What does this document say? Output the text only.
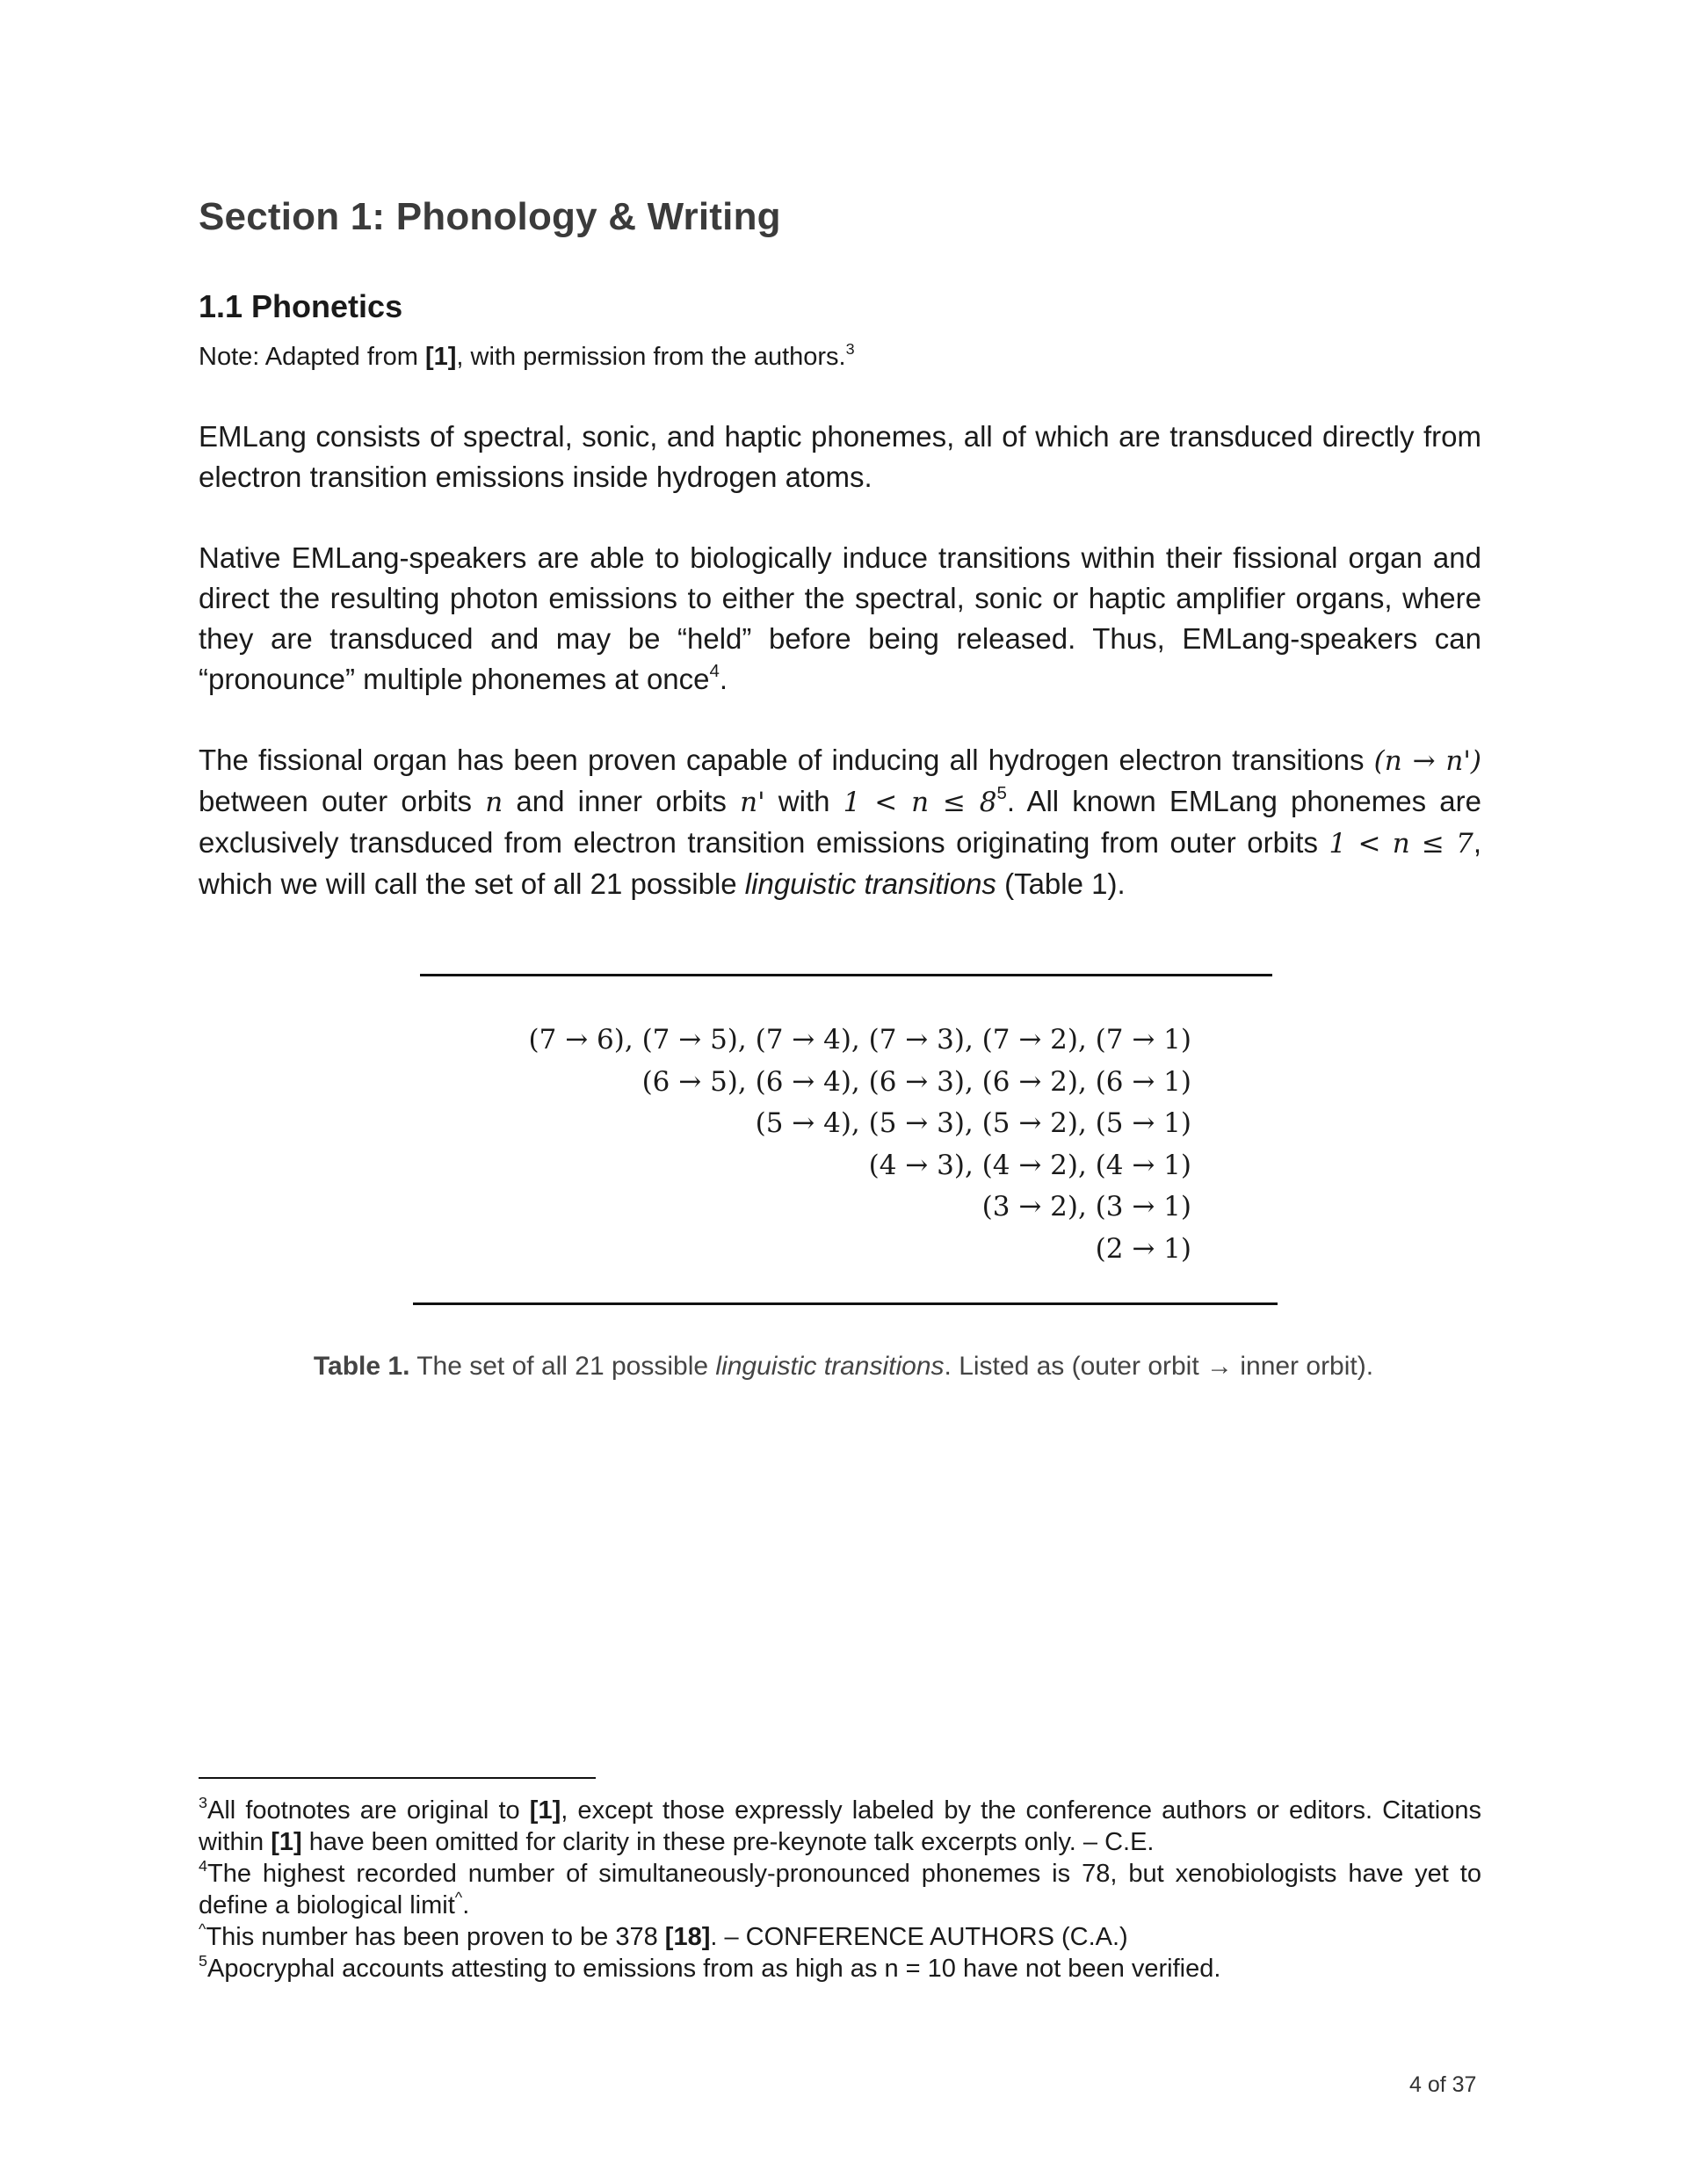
Section 1: Phonology & Writing
1.1 Phonetics
Note: Adapted from [1], with permission from the authors.$^3$
EMLang consists of spectral, sonic, and haptic phonemes, all of which are transduced directly from electron transition emissions inside hydrogen atoms.
Native EMLang-speakers are able to biologically induce transitions within their fissional organ and direct the resulting photon emissions to either the spectral, sonic or haptic amplifier organs, where they are transduced and may be “held” before being released. Thus, EMLang-speakers can “pronounce” multiple phonemes at once$^4$.
The fissional organ has been proven capable of inducing all hydrogen electron transitions (n → n') between outer orbits n and inner orbits n' with $1 < n \le 8^5$. All known EMLang phonemes are exclusively transduced from electron transition emissions originating from outer orbits 1 < n ≤ 7, which we will call the set of all 21 possible linguistic transitions (Table 1).
(7 → 6), (7 → 5), (7 → 4), (7 → 3), (7 → 2), (7 → 1)
(6 → 5), (6 → 4), (6 → 3), (6 → 2), (6 → 1)
(5 → 4), (5 → 3), (5 → 2), (5 → 1)
(4 → 3), (4 → 2), (4 → 1)
(3 → 2), (3 → 1)
(2 → 1)
Table 1. The set of all 21 possible linguistic transitions. Listed as (outer orbit → inner orbit).
$^3$All footnotes are original to [1], except those expressly labeled by the conference authors or editors. Citations within [1] have been omitted for clarity in these pre-keynote talk excerpts only. – C.E.
$^4$The highest recorded number of simultaneously-pronounced phonemes is 78, but xenobiologists have yet to define a biological limit^.
^This number has been proven to be 378 [18]. – CONFERENCE AUTHORS (C.A.)
$^5$Apocryphal accounts attesting to emissions from as high as n = 10 have not been verified.
4 of 37
